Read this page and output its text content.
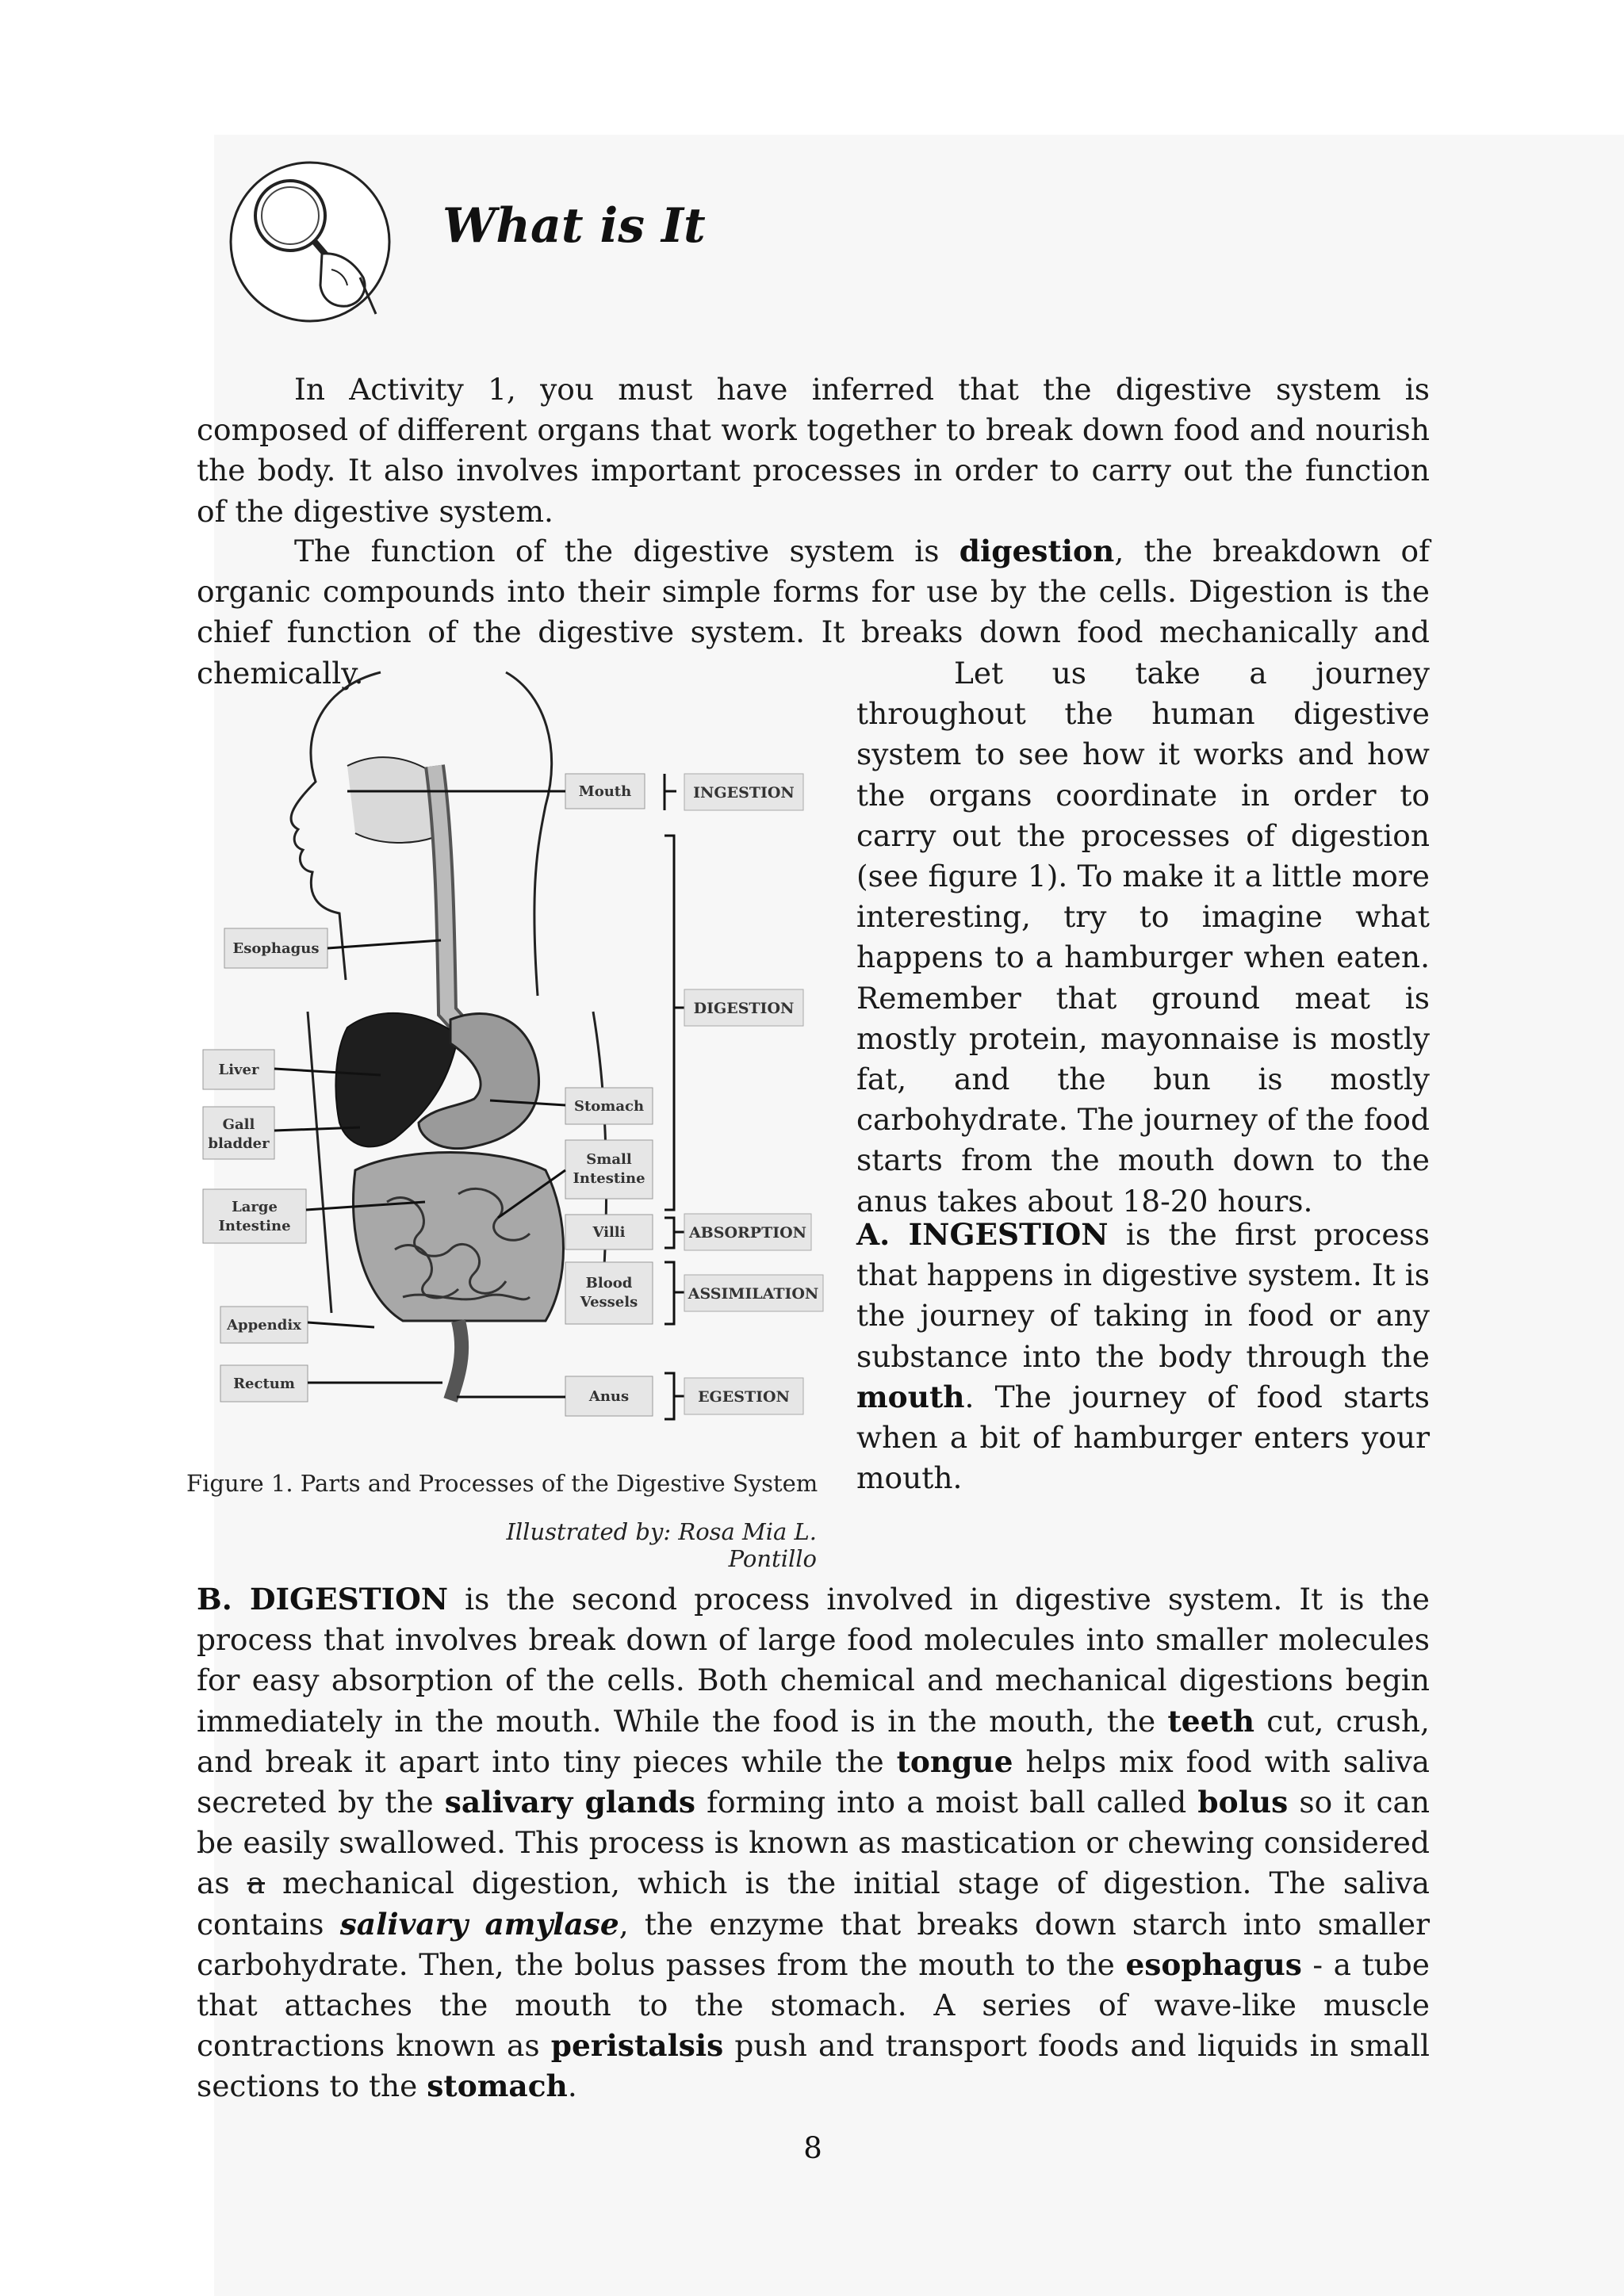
What is It

In Activity 1, you must have inferred that the digestive system is composed of different organs that work together to break down food and nourish the body. It also involves important processes in order to carry out the function of the digestive system.

The function of the digestive system is digestion, the breakdown of organic compounds into their simple forms for use by the cells. Digestion is the chief function of the digestive system. It breaks down food mechanically and chemically.	Let us take a journey throughout the human digestive system to see how it works and how the organs coordinate in order to carry out the processes of digestion (see figure 1). To make it a little more interesting, try to imagine what happens to a hamburger when eaten. Remember that ground meat is mostly protein, mayonnaise is mostly fat, and the bun is mostly carbohydrate. The journey of the food starts from the mouth down to the anus takes about 18-20 hours.

A. INGESTION is the first process that happens in digestive system. It is the journey of taking in food or any substance into the body through the mouth. The journey of food starts when a bit of hamburger enters your mouth.

Esophagus
Liver
Gall
bladder
Large
Intestine
Appendix
Rectum
Mouth
Stomach
Small
Intestine
Villi
Blood
Vessels
Anus
INGESTION
DIGESTION
ABSORPTION
ASSIMILATION
EGESTION

Figure 1. Parts and Processes of the Digestive System

Illustrated by: Rosa Mia L. Pontillo

B. DIGESTION is the second process involved in digestive system. It is the process that involves break down of large food molecules into smaller molecules for easy absorption of the cells. Both chemical and mechanical digestions begin immediately in the mouth. While the food is in the mouth, the teeth cut, crush, and break it apart into tiny pieces while the tongue helps mix food with saliva secreted by the salivary glands forming into a moist ball called bolus so it can be easily swallowed. This process is known as mastication or chewing considered as a mechanical digestion, which is the initial stage of digestion. The saliva contains salivary amylase, the enzyme that breaks down starch into smaller carbohydrate. Then, the bolus passes from the mouth to the esophagus - a tube that attaches the mouth to the stomach. A series of wave-like muscle contractions known as peristalsis push and transport foods and liquids in small sections to the stomach.

8
